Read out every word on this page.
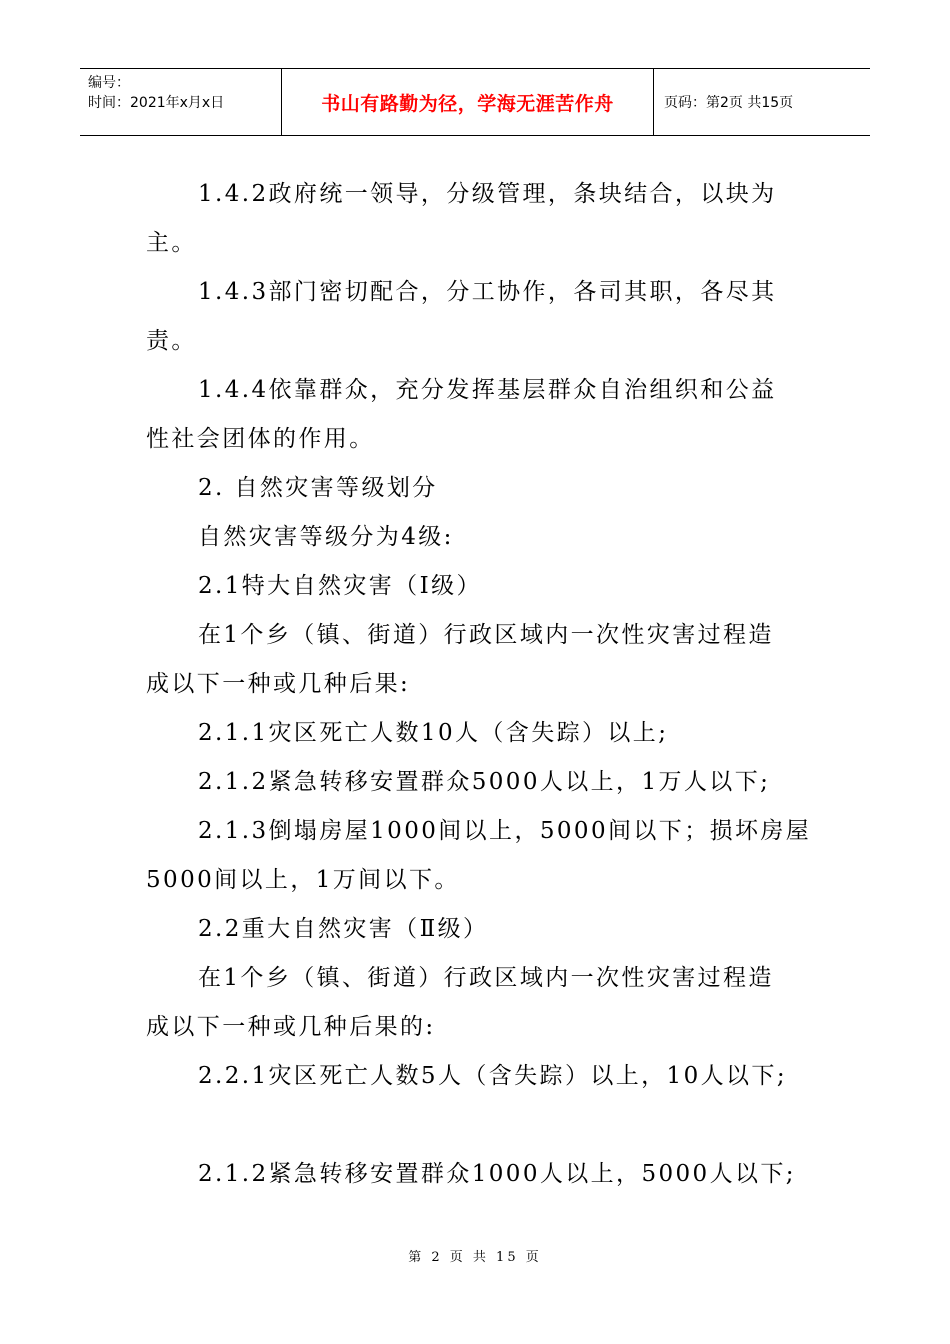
编号：
时间：2021年x月x日	书山有路勤为径，学海无涯苦作舟	页码：第2页 共15页

1.4.2政府统一领导，分级管理，条块结合，以块为

主。

1.4.3部门密切配合，分工协作，各司其职，各尽其

责。

1.4.4依靠群众，充分发挥基层群众自治组织和公益

性社会团体的作用。

2. 自然灾害等级划分

自然灾害等级分为4级:

2.1特大自然灾害（Ⅰ级）

在1个乡（镇、街道）行政区域内一次性灾害过程造

成以下一种或几种后果:

2.1.1灾区死亡人数10人（含失踪）以上;

2.1.2紧急转移安置群众5000人以上，1万人以下;

2.1.3倒塌房屋1000间以上，5000间以下；损坏房屋

5000间以上，1万间以下。

2.2重大自然灾害（Ⅱ级）

在1个乡（镇、街道）行政区域内一次性灾害过程造

成以下一种或几种后果的:

2.2.1灾区死亡人数5人（含失踪）以上，10人以下;

2.1.2紧急转移安置群众1000人以上，5000人以下;

第 2 页 共 15 页
